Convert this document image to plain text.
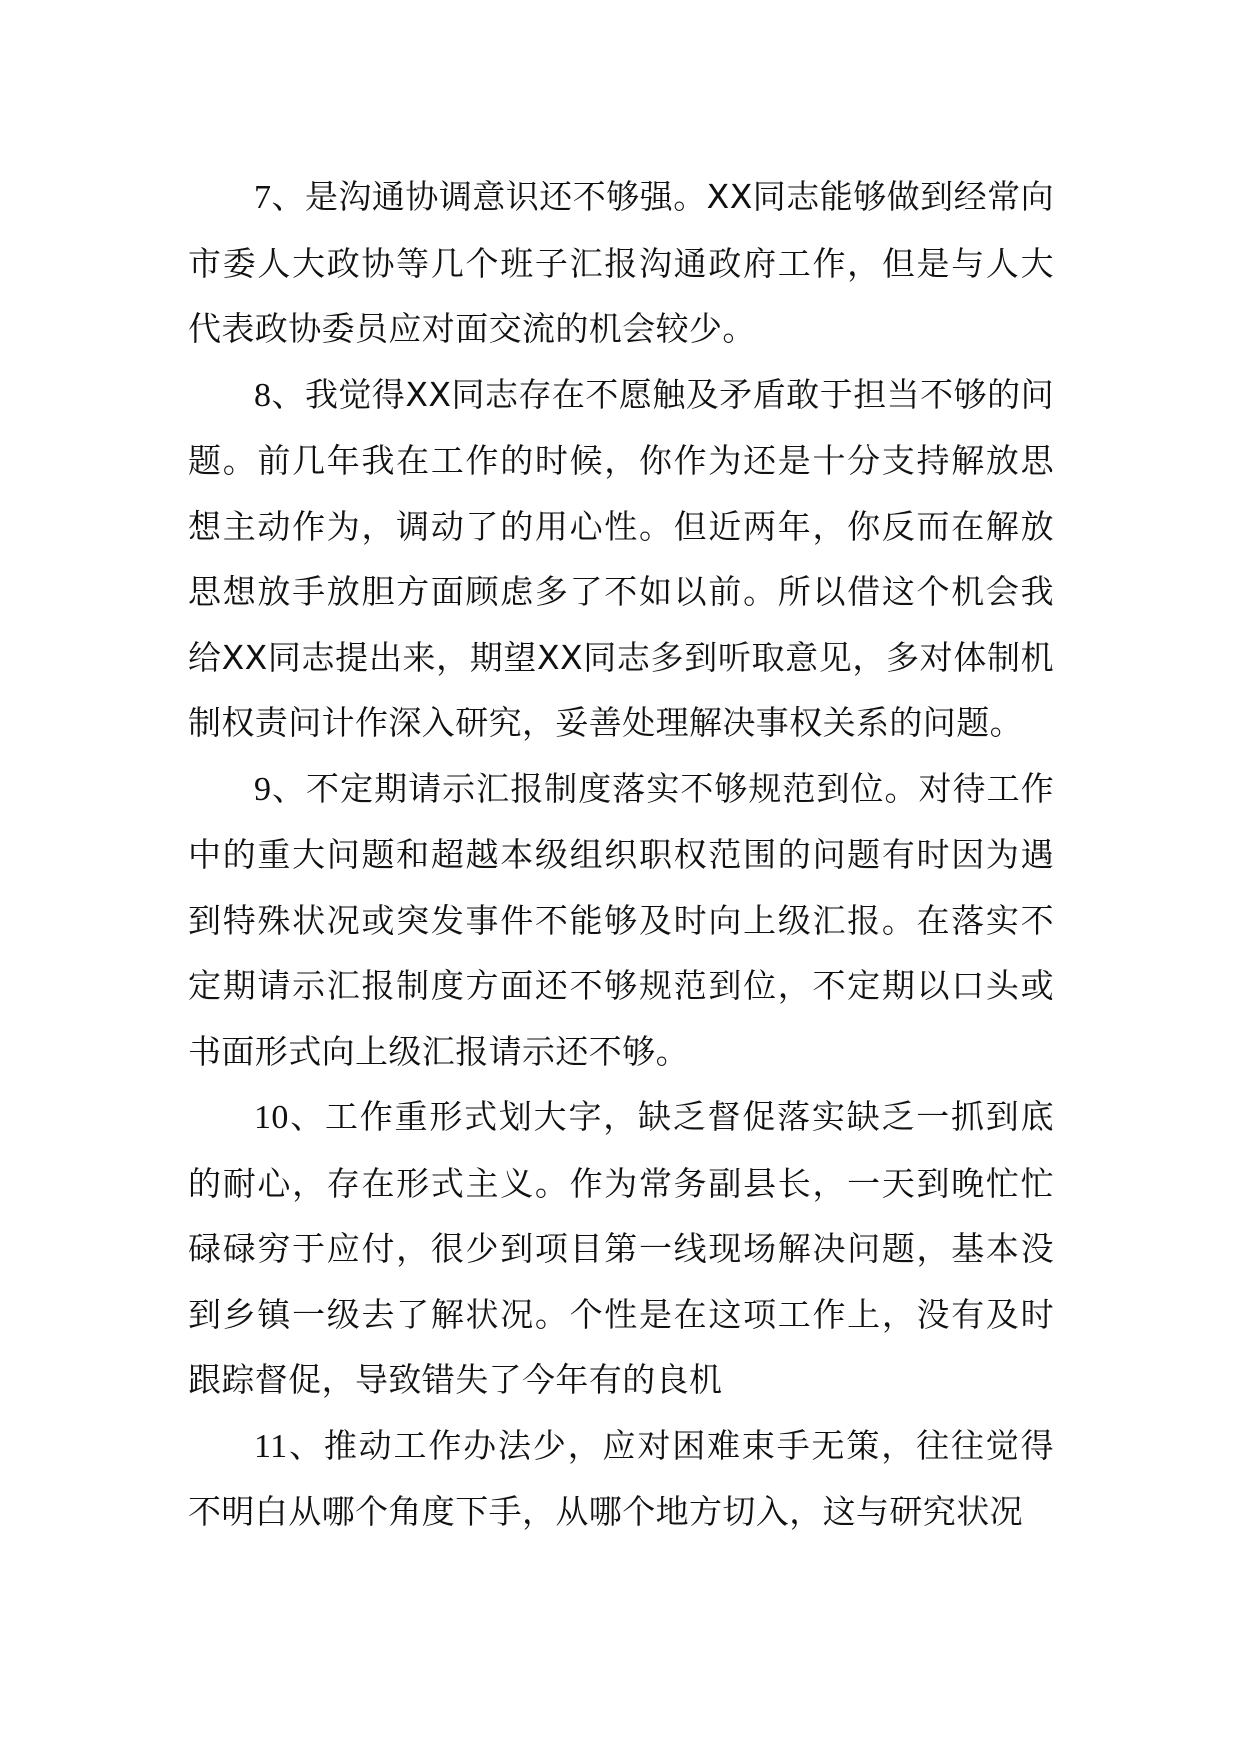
7、是沟通协调意识还不够强。XX同志能够做到经常向市委人大政协等几个班子汇报沟通政府工作，但是与人大代表政协委员应对面交流的机会较少。

8、我觉得XX同志存在不愿触及矛盾敢于担当不够的问题。前几年我在工作的时候，你作为还是十分支持解放思想主动作为，调动了的用心性。但近两年，你反而在解放思想放手放胆方面顾虑多了不如以前。所以借这个机会我给XX同志提出来，期望XX同志多到听取意见，多对体制机制权责问计作深入研究，妥善处理解决事权关系的问题。

9、不定期请示汇报制度落实不够规范到位。对待工作中的重大问题和超越本级组织职权范围的问题有时因为遇到特殊状况或突发事件不能够及时向上级汇报。在落实不定期请示汇报制度方面还不够规范到位，不定期以口头或书面形式向上级汇报请示还不够。

10、工作重形式划大字，缺乏督促落实缺乏一抓到底的耐心，存在形式主义。作为常务副县长，一天到晚忙忙碌碌穷于应付，很少到项目第一线现场解决问题，基本没到乡镇一级去了解状况。个性是在这项工作上，没有及时跟踪督促，导致错失了今年有的良机

11、推动工作办法少，应对困难束手无策，往往觉得不明白从哪个角度下手，从哪个地方切入，这与研究状况
